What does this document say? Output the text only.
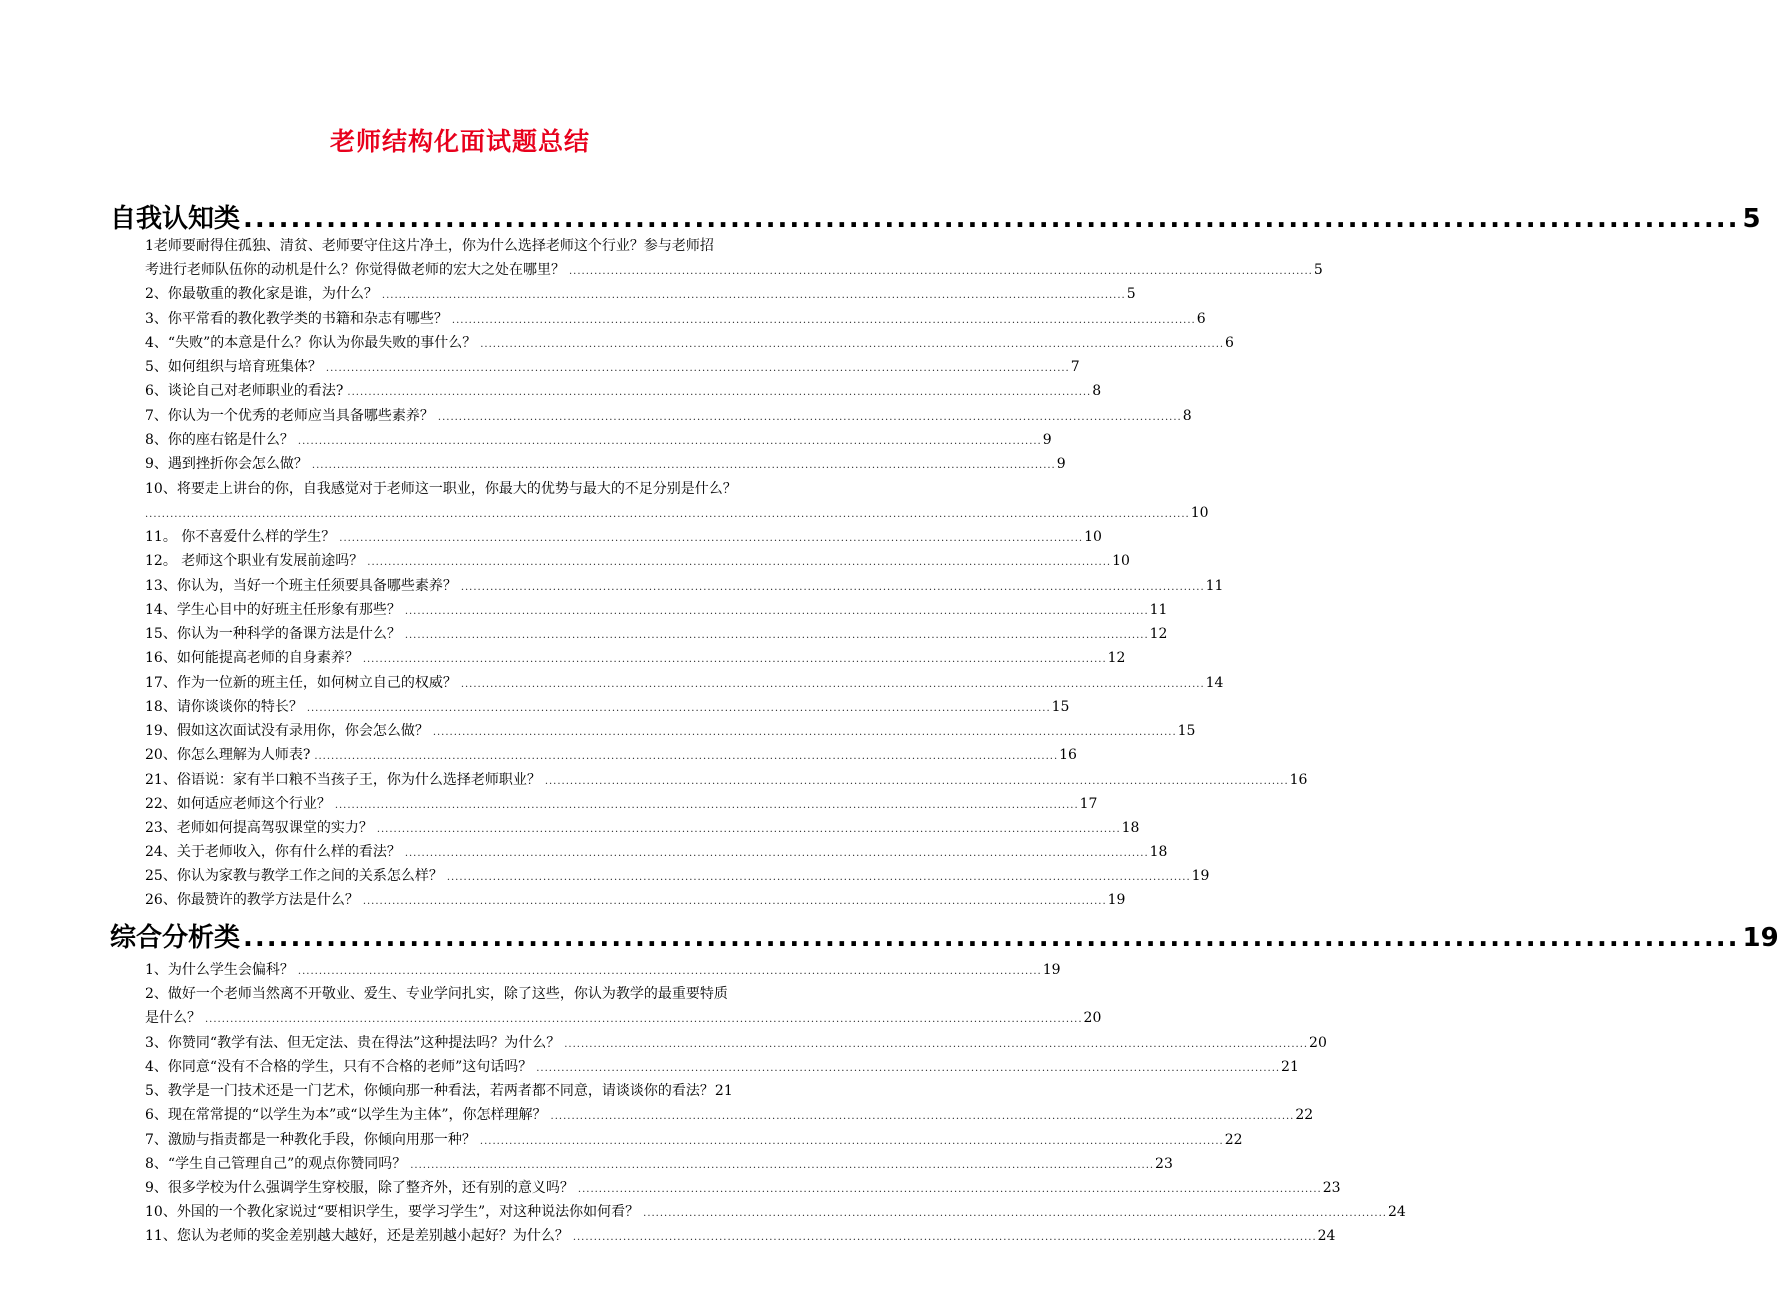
老师结构化面试题总结
自我认知类 .............................................................................................................................. 5
1老师要耐得住孤独、清贫、老师要守住这片净土，你为什么选择老师这个行业？参与老师招
考进行老师队伍你的动机是什么？你觉得做老师的宏大之处在哪里？ .................................................................................................................................................................................. 5
2、你最敬重的教化家是谁，为什么？ .................................................................................................................................................................................. 5
3、你平常看的教化教学类的书籍和杂志有哪些？ .................................................................................................................................................................................. 6
4、“失败”的本意是什么？你认为你最失败的事什么？ .................................................................................................................................................................................. 6
5、如何组织与培育班集体？ .................................................................................................................................................................................. 7
6、谈论自己对老师职业的看法? .................................................................................................................................................................................. 8
7、你认为一个优秀的老师应当具备哪些素养？ .................................................................................................................................................................................. 8
8、你的座右铭是什么？ .................................................................................................................................................................................. 9
9、遇到挫折你会怎么做？ .................................................................................................................................................................................. 9
10、将要走上讲台的你，自我感觉对于老师这一职业，你最大的优势与最大的不足分别是什么？
.......................................................................................................................................................................................................................................................... 10
11。 你不喜爱什么样的学生？ .................................................................................................................................................................................. 10
12。 老师这个职业有发展前途吗？ .................................................................................................................................................................................. 10
13、你认为，当好一个班主任须要具备哪些素养？ .................................................................................................................................................................................. 11
14、学生心目中的好班主任形象有那些？ .................................................................................................................................................................................. 11
15、你认为一种科学的备课方法是什么？ .................................................................................................................................................................................. 12
16、如何能提高老师的自身素养？ .................................................................................................................................................................................. 12
17、作为一位新的班主任，如何树立自己的权威？ .................................................................................................................................................................................. 14
18、请你谈谈你的特长？ .................................................................................................................................................................................. 15
19、假如这次面试没有录用你，你会怎么做？ .................................................................................................................................................................................. 15
20、你怎么理解为人师表? .................................................................................................................................................................................. 16
21、俗语说：家有半口粮不当孩子王，你为什么选择老师职业？ .................................................................................................................................................................................. 16
22、如何适应老师这个行业？ .................................................................................................................................................................................. 17
23、老师如何提高驾驭课堂的实力？ .................................................................................................................................................................................. 18
24、关于老师收入，你有什么样的看法？ .................................................................................................................................................................................. 18
25、你认为家教与教学工作之间的关系怎么样？ .................................................................................................................................................................................. 19
26、你最赞许的教学方法是什么？ .................................................................................................................................................................................. 19
综合分析类 .............................................................................................................................. 19
1、为什么学生会偏科？ .................................................................................................................................................................................. 19
2、做好一个老师当然离不开敬业、爱生、专业学问扎实，除了这些，你认为教学的最重要特质
是什么？ .................................................................................................................................................................................................................. 20
3、你赞同“教学有法、但无定法、贵在得法”这种提法吗？为什么？ .................................................................................................................................................................................. 20
4、你同意“没有不合格的学生，只有不合格的老师”这句话吗？ .................................................................................................................................................................................. 21
5、教学是一门技术还是一门艺术，你倾向那一种看法，若两者都不同意，请谈谈你的看法？ 21
6、现在常常提的“以学生为本”或“以学生为主体”，你怎样理解？ .................................................................................................................................................................................. 22
7、激励与指责都是一种教化手段，你倾向用那一种？ .................................................................................................................................................................................. 22
8、“学生自己管理自己”的观点你赞同吗？ .................................................................................................................................................................................. 23
9、很多学校为什么强调学生穿校服，除了整齐外，还有别的意义吗？ .................................................................................................................................................................................. 23
10、外国的一个教化家说过“要相识学生，要学习学生”，对这种说法你如何看？ .................................................................................................................................................................................. 24
11、您认为老师的奖金差别越大越好，还是差别越小起好？为什么？ .................................................................................................................................................................................. 24
